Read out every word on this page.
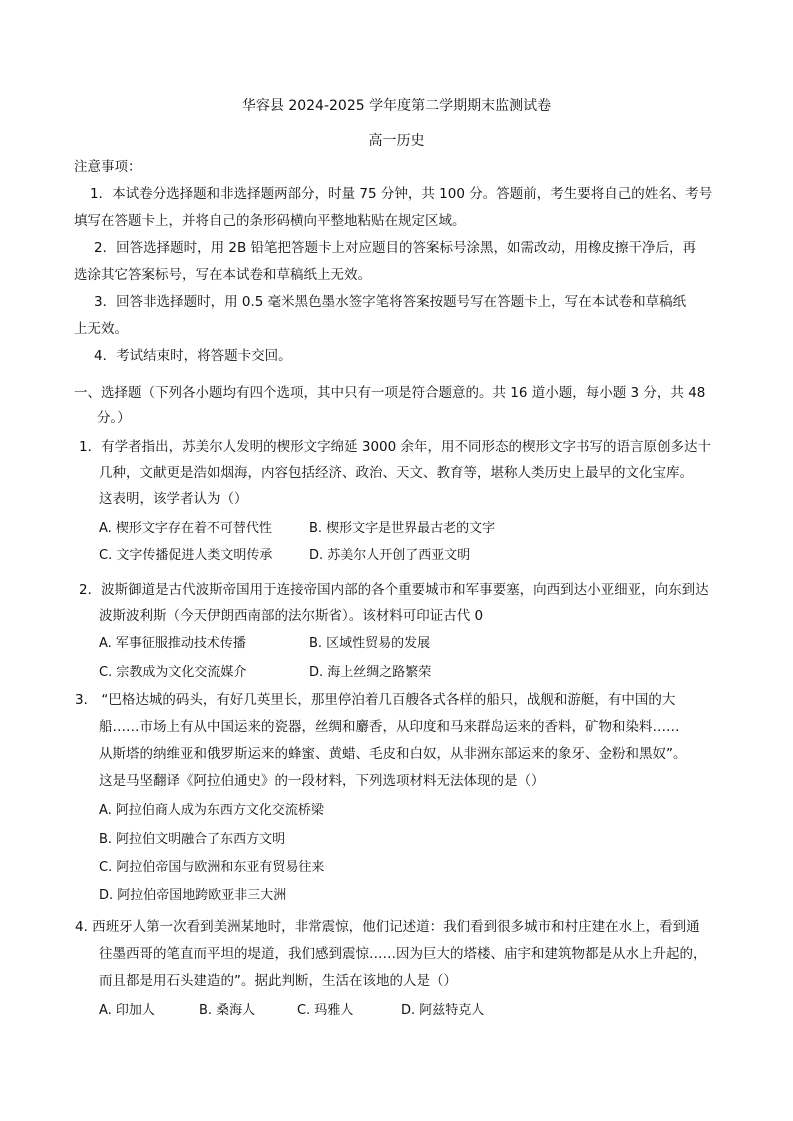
华容县 2024-2025 学年度第二学期期末监测试卷
高一历史
注意事项：
1．本试卷分选择题和非选择题两部分，时量 75 分钟，共 100 分。答题前，考生要将自己的姓名、考号
填写在答题卡上，并将自己的条形码横向平整地粘贴在规定区域。
2．回答选择题时，用 2B 铅笔把答题卡上对应题目的答案标号涂黑，如需改动，用橡皮擦干净后，再
选涂其它答案标号，写在本试卷和草稿纸上无效。
3．回答非选择题时，用 0.5 毫米黑色墨水签字笔将答案按题号写在答题卡上，写在本试卷和草稿纸
上无效。
4．考试结束时，将答题卡交回。
一、选择题（下列各小题均有四个选项，其中只有一项是符合题意的。共 16 道小题，每小题 3 分，共 48
分。）
1．有学者指出，苏美尔人发明的楔形文字绵延 3000 余年，用不同形态的楔形文字书写的语言原创多达十
几种，文献更是浩如烟海，内容包括经济、政治、天文、教育等，堪称人类历史上最早的文化宝库。
这表明，该学者认为（）
A. 楔形文字存在着不可替代性	B. 楔形文字是世界最古老的文字
C. 文字传播促进人类文明传承	D. 苏美尔人开创了西亚文明
2．波斯御道是古代波斯帝国用于连接帝国内部的各个重要城市和军事要塞，向西到达小亚细亚，向东到达
波斯波利斯（今天伊朗西南部的法尔斯省）。该材料可印证古代 0
A. 军事征服推动技术传播	B. 区域性贸易的发展
C. 宗教成为文化交流媒介	D. 海上丝绸之路繁荣
3． “巴格达城的码头，有好几英里长，那里停泊着几百艘各式各样的船只，战舰和游艇，有中国的大
船……市场上有从中国运来的瓷器，丝绸和麝香，从印度和马来群岛运来的香料，矿物和染料……
从斯塔的纳维亚和俄罗斯运来的蜂蜜、黄蜡、毛皮和白奴，从非洲东部运来的象牙、金粉和黑奴”。
这是马坚翻译《阿拉伯通史》的一段材料，下列选项材料无法体现的是（）
A. 阿拉伯商人成为东西方文化交流桥梁
B. 阿拉伯文明融合了东西方文明
C. 阿拉伯帝国与欧洲和东亚有贸易往来
D. 阿拉伯帝国地跨欧亚非三大洲
4. 西班牙人第一次看到美洲某地时，非常震惊，他们记述道：我们看到很多城市和村庄建在水上，看到通
往墨西哥的笔直而平坦的堤道，我们感到震惊……因为巨大的塔楼、庙宇和建筑物都是从水上升起的，
而且都是用石头建造的”。据此判断，生活在该地的人是（）
A. 印加人	B. 桑海人	C. 玛雅人	D. 阿兹特克人
